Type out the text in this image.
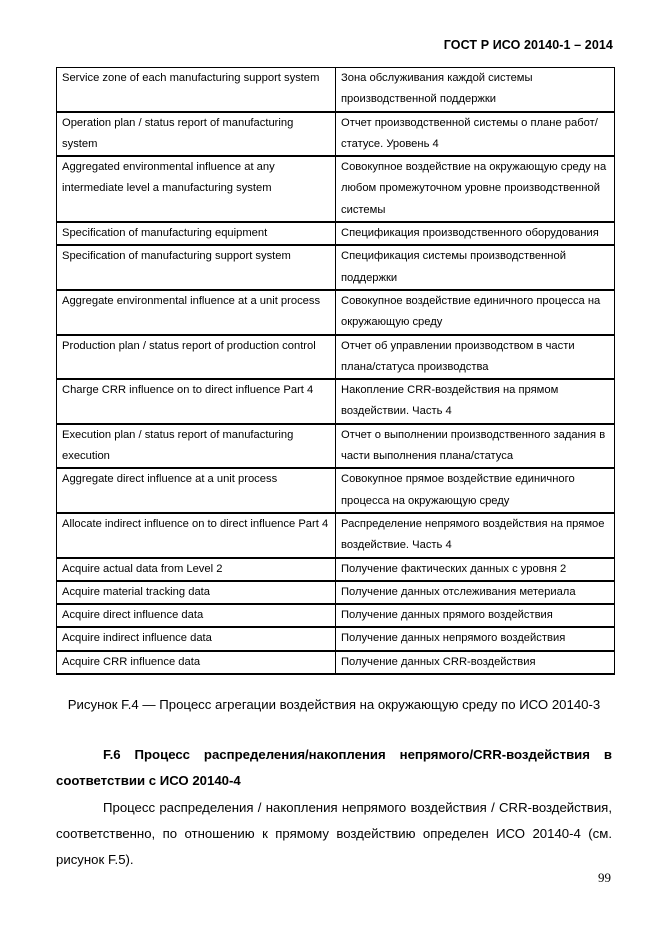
ГОСТ Р ИСО 20140-1 – 2014
Service zone of each manufacturing support system	Зона обслуживания каждой системы производственной поддержки
Operation plan / status report of manufacturing system	Отчет производственной системы о плане работ/статусе. Уровень 4
Aggregated environmental influence at any intermediate level a manufacturing system	Совокупное воздействие на окружающую среду на любом промежуточном уровне производственной системы
Specification of manufacturing equipment	Спецификация производственного оборудования
Specification of manufacturing support system	Спецификация системы производственной поддержки
Aggregate environmental influence at a unit process	Совокупное воздействие единичного процесса на окружающую среду
Production plan / status report of production control	Отчет об управлении производством в части плана/статуса производства
Charge CRR influence on to direct influence Part 4	Накопление CRR-воздействия на прямом воздействии. Часть 4
Execution plan / status report of manufacturing execution	Отчет о выполнении производственного задания в части выполнения плана/статуса
Aggregate direct influence at a unit process	Совокупное прямое воздействие единичного процесса на окружающую среду
Allocate indirect influence on to direct influence Part 4	Распределение непрямого воздействия на прямое воздействие. Часть 4
Acquire actual data from Level 2	Получение фактических данных с уровня 2
Acquire material tracking data	Получение данных отслеживания метериала
Acquire direct influence data	Получение данных прямого воздействия
Acquire indirect influence data	Получение данных непрямого воздействия
Acquire CRR influence data	Получение данных CRR-воздействия
Рисунок F.4 — Процесс агрегации воздействия на окружающую среду по ИСО 20140-3
F.6 Процесс распределения/накопления непрямого/CRR-воздействия в соответствии с ИСО 20140-4
Процесс распределения / накопления непрямого воздействия / CRR-воздействия, соответственно, по отношению к прямому воздействию определен ИСО 20140-4 (см. рисунок F.5).
99
